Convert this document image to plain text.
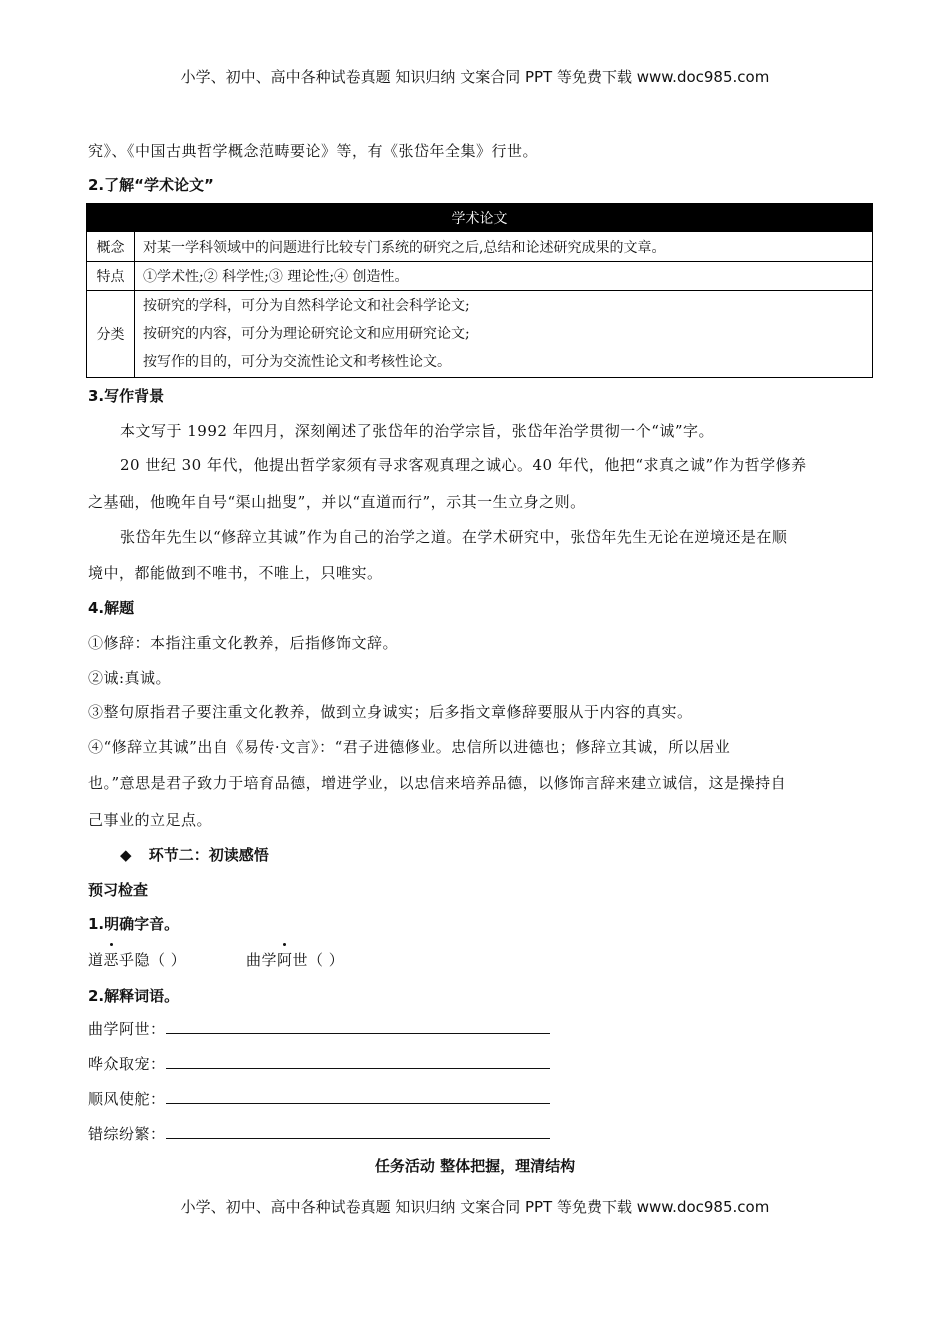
小学、初中、高中各种试卷真题 知识归纳 文案合同 PPT 等免费下载 www.doc985.com
究》、《中国古典哲学概念范畴要论》等，有《张岱年全集》行世。
2.了解“学术论文”
学术论文	
概念	对某一学科领域中的问题进行比较专门系统的研究之后,总结和论述研究成果的文章。
特点	①学术性;② 科学性;③ 理论性;④ 创造性。
分类	按研究的学科，可分为自然科学论文和社会科学论文;
按研究的内容，可分为理论研究论文和应用研究论文;
按写作的目的，可分为交流性论文和考核性论文。
3.写作背景
本文写于 1992 年四月，深刻阐述了张岱年的治学宗旨，张岱年治学贯彻一个“诚”字。
20 世纪 30 年代，他提出哲学家须有寻求客观真理之诚心。40 年代，他把“求真之诚”作为哲学修养
之基础，他晚年自号“渠山拙叟”，并以“直道而行”，示其一生立身之则。
张岱年先生以“修辞立其诚”作为自己的治学之道。在学术研究中，张岱年先生无论在逆境还是在顺
境中，都能做到不唯书，不唯上，只唯实。
4.解题
①修辞：本指注重文化教养，后指修饰文辞。
②诚:真诚。
③整句原指君子要注重文化教养，做到立身诚实；后多指文章修辞要服从于内容的真实。
④“修辞立其诚”出自《易传·文言》：“君子进德修业。忠信所以进德也；修辞立其诚，所以居业
也。”意思是君子致力于培育品德，增进学业，以忠信来培养品德，以修饰言辞来建立诚信，这是操持自
己事业的立足点。
◆ 环节二：初读感悟
预习检查
1.明确字音。
道恶乎隐（ ）	曲学阿世（ ）
2.解释词语。
曲学阿世：
哗众取宠：
顺风使舵：
错综纷繁：
任务活动 整体把握，理清结构
小学、初中、高中各种试卷真题 知识归纳 文案合同 PPT 等免费下载 www.doc985.com
